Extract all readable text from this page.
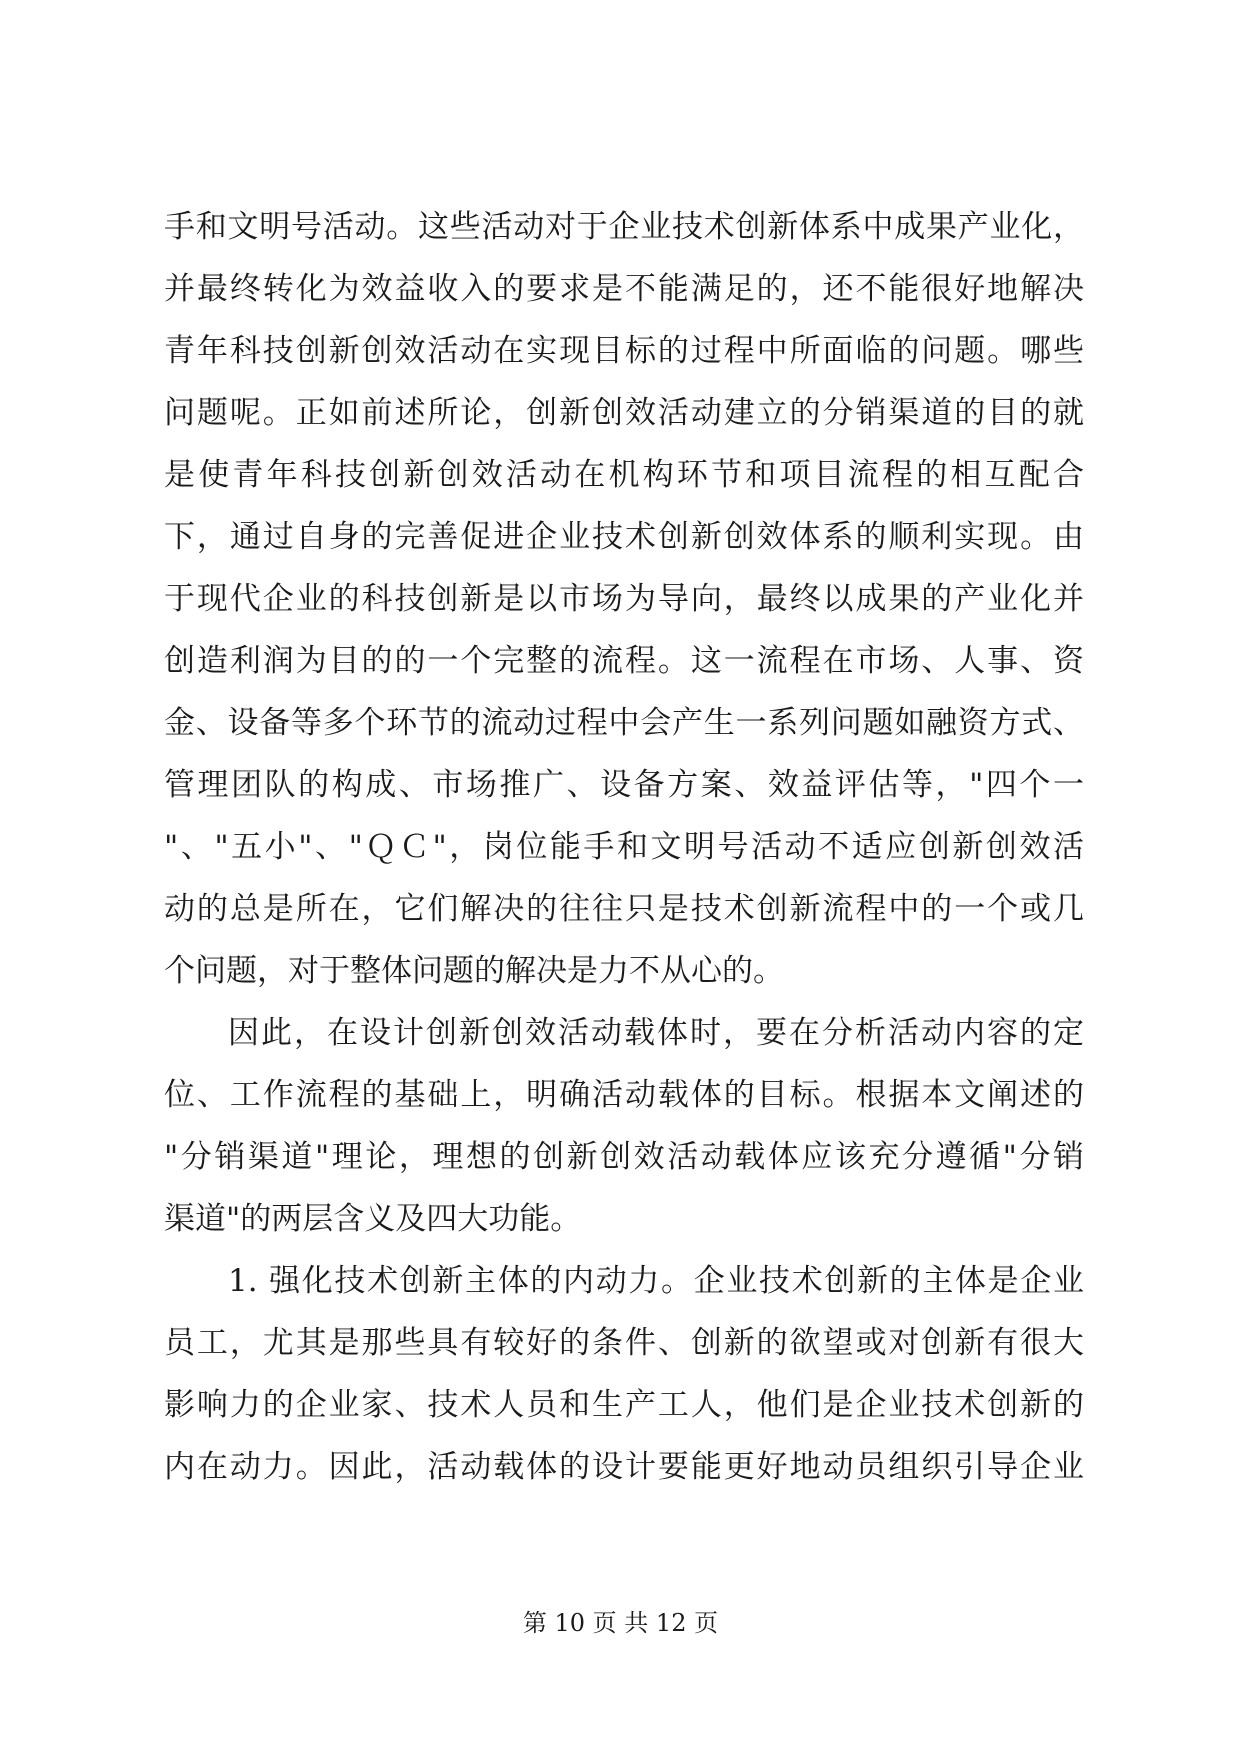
手和文明号活动。这些活动对于企业技术创新体系中成果产业化，
并最终转化为效益收入的要求是不能满足的，还不能很好地解决
青年科技创新创效活动在实现目标的过程中所面临的问题。哪些
问题呢。正如前述所论，创新创效活动建立的分销渠道的目的就
是使青年科技创新创效活动在机构环节和项目流程的相互配合
下，通过自身的完善促进企业技术创新创效体系的顺利实现。由
于现代企业的科技创新是以市场为导向，最终以成果的产业化并
创造利润为目的的一个完整的流程。这一流程在市场、人事、资
金、设备等多个环节的流动过程中会产生一系列问题如融资方式、
管理团队的构成、市场推广、设备方案、效益评估等，"四个一
"、"五小"、"ＱＣ"，岗位能手和文明号活动不适应创新创效活
动的总是所在，它们解决的往往只是技术创新流程中的一个或几
个问题，对于整体问题的解决是力不从心的。
因此，在设计创新创效活动载体时，要在分析活动内容的定
位、工作流程的基础上，明确活动载体的目标。根据本文阐述的
"分销渠道"理论，理想的创新创效活动载体应该充分遵循"分销
渠道"的两层含义及四大功能。
1. 强化技术创新主体的内动力。企业技术创新的主体是企业
员工，尤其是那些具有较好的条件、创新的欲望或对创新有很大
影响力的企业家、技术人员和生产工人，他们是企业技术创新的
内在动力。因此，活动载体的设计要能更好地动员组织引导企业
第 10 页 共 12 页
